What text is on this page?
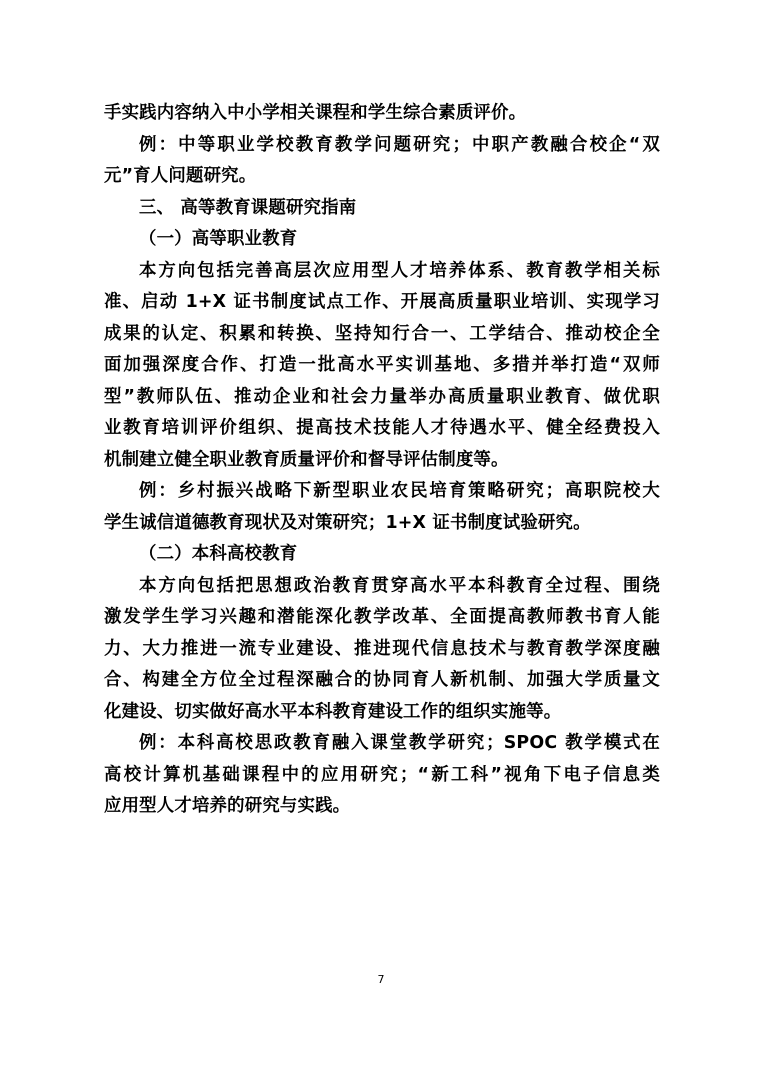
手实践内容纳入中小学相关课程和学生综合素质评价。
例：中等职业学校教育教学问题研究；中职产教融合校企“双
元”育人问题研究。
三、 高等教育课题研究指南
（一）高等职业教育
本方向包括完善高层次应用型人才培养体系、教育教学相关标
准、启动 1+X 证书制度试点工作、开展高质量职业培训、实现学习
成果的认定、积累和转换、坚持知行合一、工学结合、推动校企全
面加强深度合作、打造一批高水平实训基地、多措并举打造“双师
型”教师队伍、推动企业和社会力量举办高质量职业教育、做优职
业教育培训评价组织、提高技术技能人才待遇水平、健全经费投入
机制建立健全职业教育质量评价和督导评估制度等。
例：乡村振兴战略下新型职业农民培育策略研究；高职院校大
学生诚信道德教育现状及对策研究；1+X 证书制度试验研究。
（二）本科高校教育
本方向包括把思想政治教育贯穿高水平本科教育全过程、围绕
激发学生学习兴趣和潜能深化教学改革、全面提高教师教书育人能
力、大力推进一流专业建设、推进现代信息技术与教育教学深度融
合、构建全方位全过程深融合的协同育人新机制、加强大学质量文
化建设、切实做好高水平本科教育建设工作的组织实施等。
例：本科高校思政教育融入课堂教学研究；SPOC 教学模式在
高校计算机基础课程中的应用研究；“新工科”视角下电子信息类
应用型人才培养的研究与实践。
7
